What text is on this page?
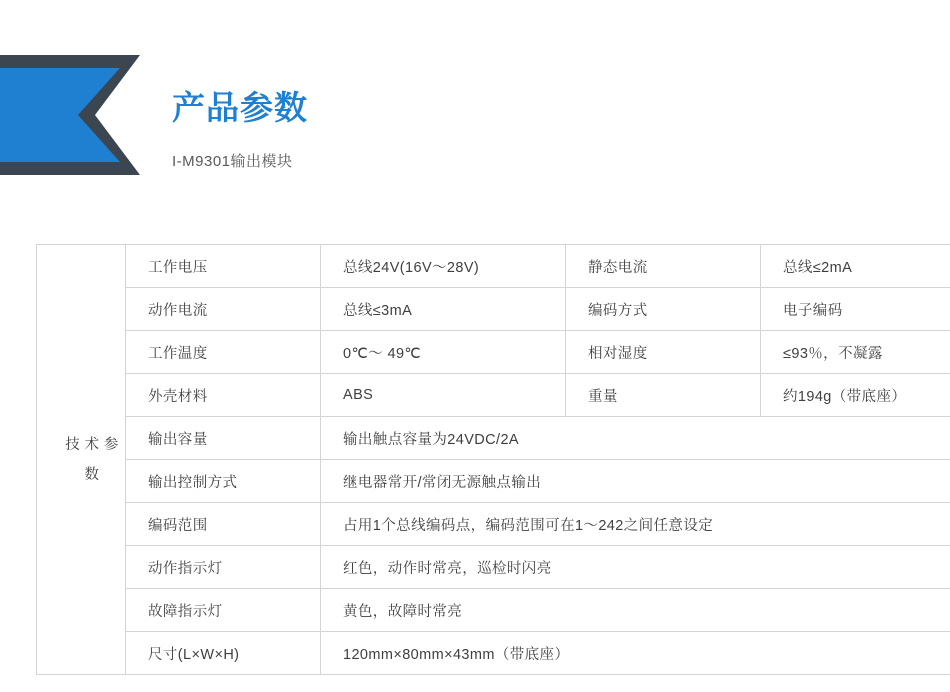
产品参数
I-M9301输出模块
技 术 参 数	工作电压	总线24V(16V～28V)	静态电流	总线≤2mA
	动作电流	总线≤3mA	编码方式	电子编码
	工作温度	0℃～ 49℃	相对湿度	≤93％，不凝露
	外壳材料	ABS	重量	约194g（带底座）
	输出容量	输出触点容量为24VDC/2A		
	输出控制方式	继电器常开/常闭无源触点输出		
	编码范围	占用1个总线编码点，编码范围可在1～242之间任意设定		
	动作指示灯	红色，动作时常亮，巡检时闪亮		
	故障指示灯	黄色，故障时常亮		
	尺寸(L×W×H)	120mm×80mm×43mm（带底座）		
